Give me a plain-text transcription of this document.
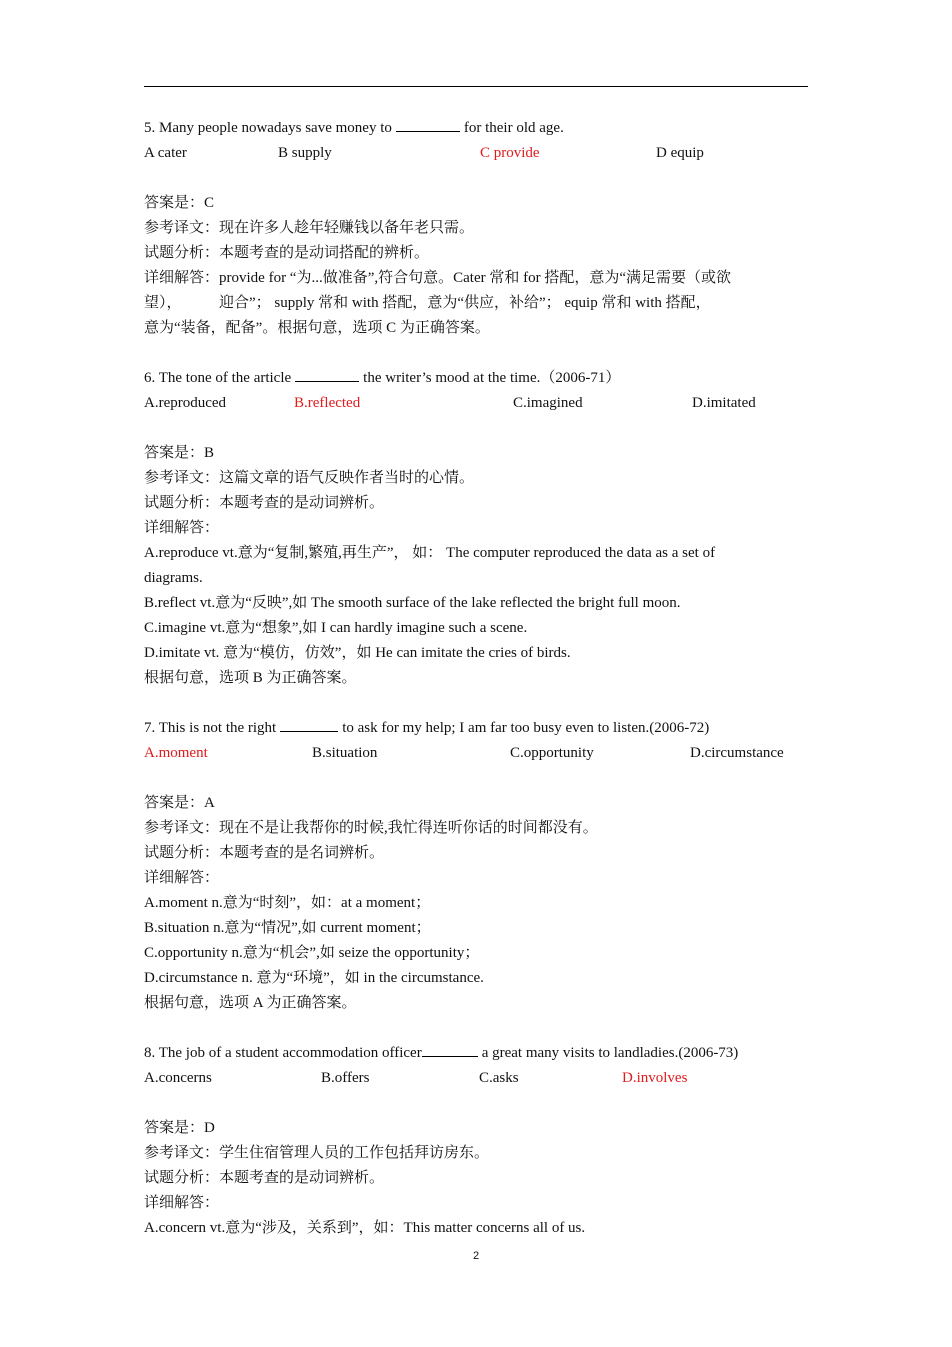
5. Many people nowadays save money to	for their old age.

A cater	B supply	C provide	D equip

答案是：C

参考译文：现在许多人趁年轻赚钱以备年老只需。

试题分析：本题考查的是动词搭配的辨析。

详细解答：provide for “为...做准备”,符合句意。Cater 常和 for 搭配，意为“满足需要（或欲

望），　　　迎合”； supply 常和 with 搭配，意为“供应，补给”； equip 常和 with 搭配，

意为“装备，配备”。根据句意，选项 C 为正确答案。

6. The tone of the article	the writer’s mood at the time.（2006-71）

A.reproduced	B.reflected	C.imagined	D.imitated

答案是：B

参考译文：这篇文章的语气反映作者当时的心情。

试题分析：本题考查的是动词辨析。

详细解答：

A.reproduce vt.意为“复制,繁殖,再生产”， 如： The computer reproduced the data as a set of

diagrams.

B.reflect vt.意为“反映”,如 The smooth surface of the lake reflected the bright full moon.

C.imagine vt.意为“想象”,如 I can hardly imagine such a scene.

D.imitate vt. 意为“模仿，仿效”，如 He can imitate the cries of birds.

根据句意，选项 B 为正确答案。

7. This is not the right	to ask for my help; I am far too busy even to listen.(2006-72)

A.moment	B.situation	C.opportunity	D.circumstance

答案是：A

参考译文：现在不是让我帮你的时候,我忙得连听你话的时间都没有。

试题分析：本题考查的是名词辨析。

详细解答：

A.moment n.意为“时刻”，如：at a moment；

B.situation n.意为“情况”,如 current moment；

C.opportunity n.意为“机会”,如 seize the opportunity；

D.circumstance n. 意为“环境”，如 in the circumstance.

根据句意，选项 A 为正确答案。

8. The job of a student accommodation officer	a great many visits to landladies.(2006-73)

A.concerns	B.offers	C.asks	D.involves

答案是：D

参考译文：学生住宿管理人员的工作包括拜访房东。

试题分析：本题考查的是动词辨析。

详细解答：

A.concern vt.意为“涉及，关系到”，如：This matter concerns all of us.

2
